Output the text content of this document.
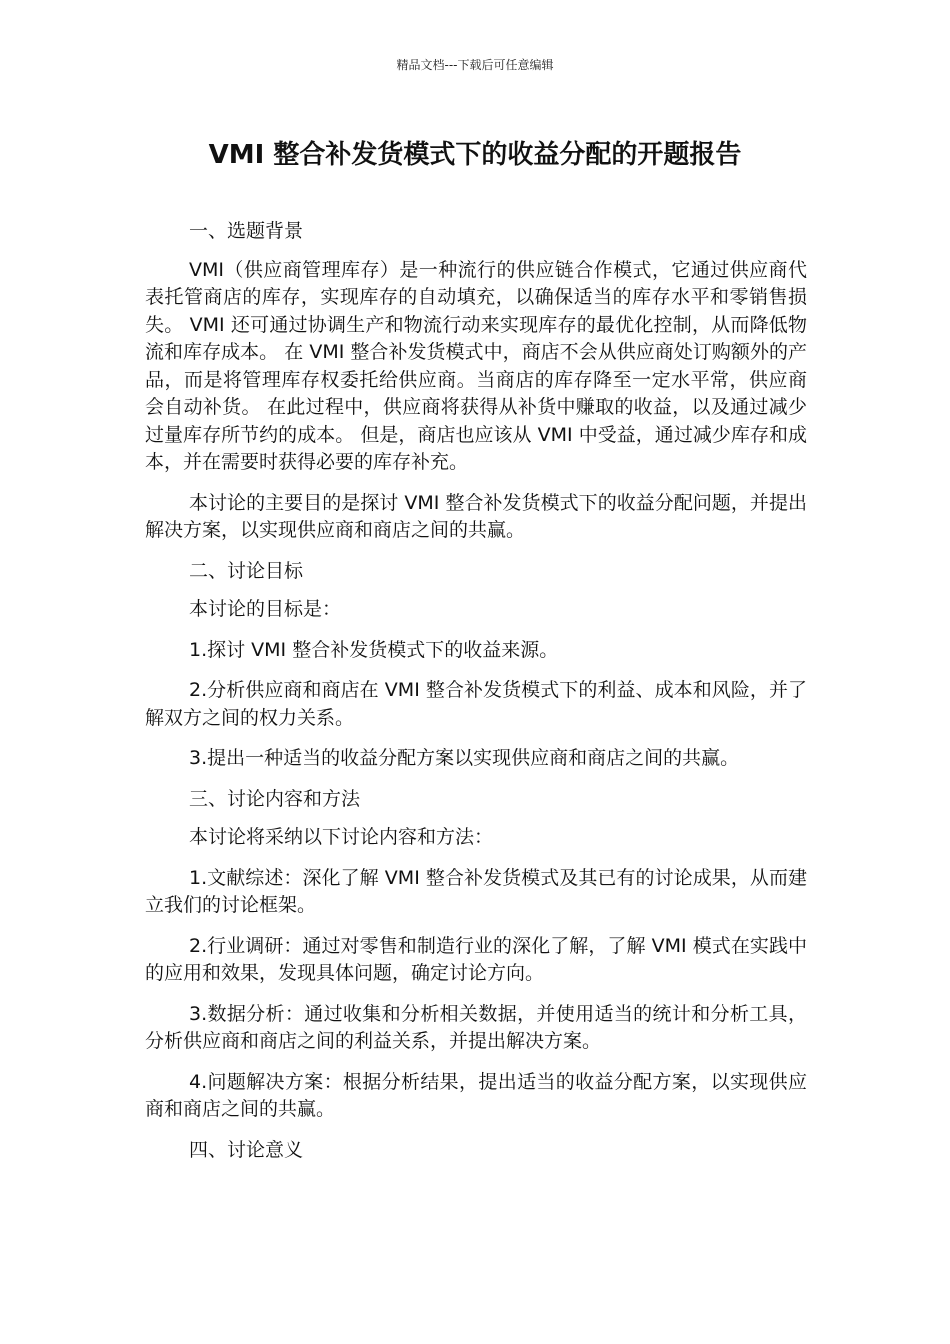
精品文档---下载后可任意编辑
VMI 整合补发货模式下的收益分配的开题报告

一、选题背景

VMI（供应商管理库存）是一种流行的供应链合作模式，它通过供应商代表托管商店的库存，实现库存的自动填充，以确保适当的库存水平和零销售损失。 VMI 还可通过协调生产和物流行动来实现库存的最优化控制，从而降低物流和库存成本。 在 VMI 整合补发货模式中，商店不会从供应商处订购额外的产品，而是将管理库存权委托给供应商。当商店的库存降至一定水平常，供应商会自动补货。 在此过程中，供应商将获得从补货中赚取的收益，以及通过减少过量库存所节约的成本。 但是，商店也应该从 VMI 中受益，通过减少库存和成本，并在需要时获得必要的库存补充。

本讨论的主要目的是探讨 VMI 整合补发货模式下的收益分配问题，并提出解决方案，以实现供应商和商店之间的共赢。

二、讨论目标

本讨论的目标是：

1.探讨 VMI 整合补发货模式下的收益来源。

2.分析供应商和商店在 VMI 整合补发货模式下的利益、成本和风险，并了解双方之间的权力关系。

3.提出一种适当的收益分配方案以实现供应商和商店之间的共赢。

三、讨论内容和方法

本讨论将采纳以下讨论内容和方法：

1.文献综述：深化了解 VMI 整合补发货模式及其已有的讨论成果，从而建立我们的讨论框架。

2.行业调研：通过对零售和制造行业的深化了解，了解 VMI 模式在实践中的应用和效果，发现具体问题，确定讨论方向。

3.数据分析：通过收集和分析相关数据，并使用适当的统计和分析工具，分析供应商和商店之间的利益关系，并提出解决方案。

4.问题解决方案：根据分析结果，提出适当的收益分配方案，以实现供应商和商店之间的共赢。

四、讨论意义
